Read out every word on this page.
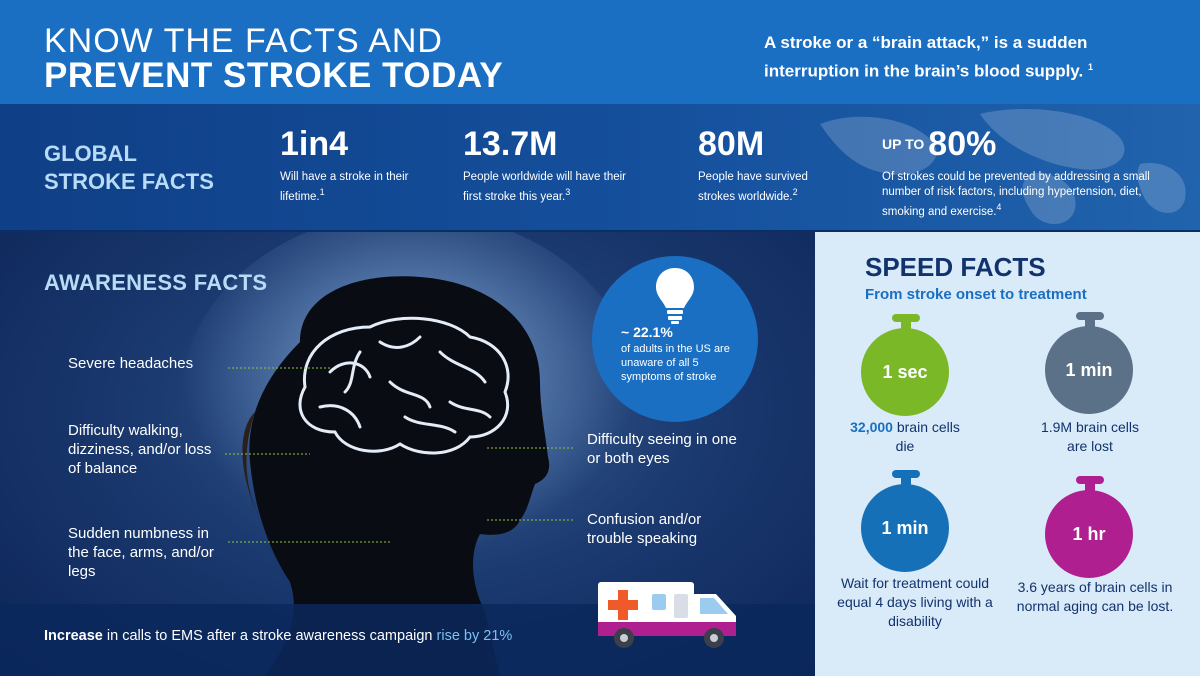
KNOW THE FACTS AND
PREVENT STROKE TODAY
A stroke or a “brain attack,” is a sudden interruption in the brain’s blood supply. $^1$
GLOBAL
STROKE FACTS
1in4
Will have a stroke in their lifetime.$^1$
13.7M
People worldwide will have their first stroke this year.$^3$
80M
People have survived strokes worldwide.$^2$
UP TO 80%
Of strokes could be prevented by addressing a small number of risk factors, including hypertension, diet, smoking and exercise.$^4$
AWARENESS FACTS
Severe headaches
Difficulty walking, dizziness, and/or loss of balance
Sudden numbness in the face, arms, and/or legs
Difficulty seeing in one or both eyes
Confusion and/or trouble speaking
~ 22.1%
of adults in the US are unaware of all 5 symptoms of stroke
Increase in calls to EMS after a stroke awareness campaign rise by 21%
SPEED FACTS
From stroke onset to treatment
1 sec
32,000 brain cells die
1 min
1.9M brain cells are lost
1 min
Wait for treatment could equal 4 days living with a disability
1 hr
3.6 years of brain cells in normal aging can be lost.
